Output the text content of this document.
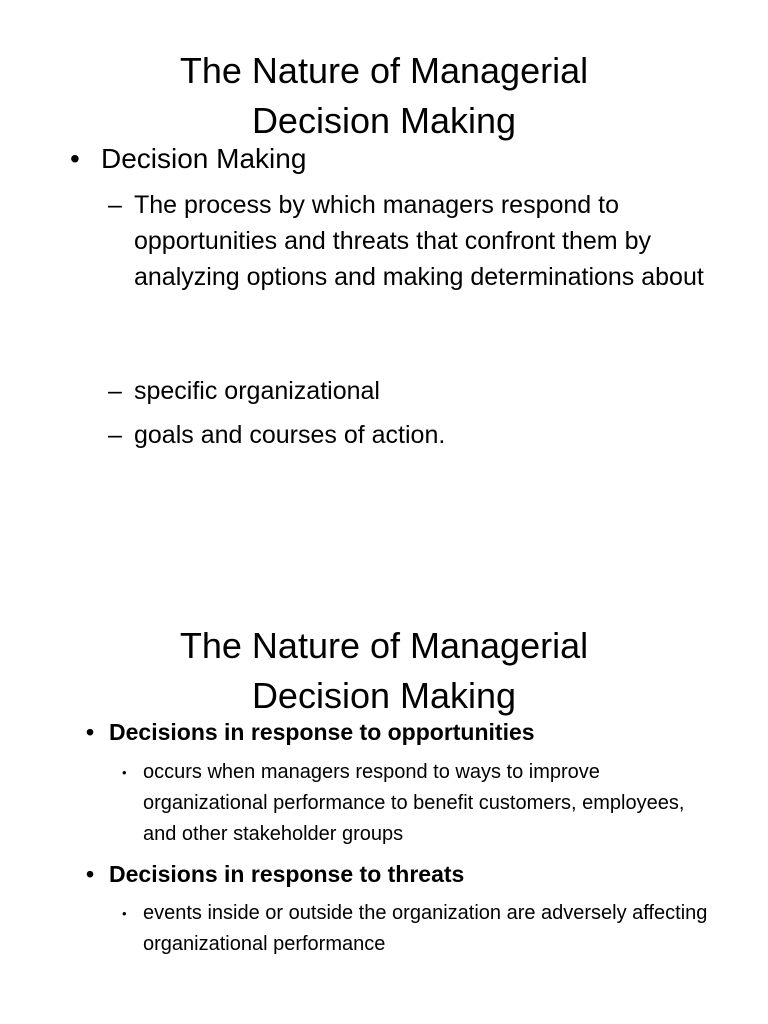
The Nature of Managerial
Decision Making
• Decision Making
– The process by which managers respond to opportunities and threats that confront them by analyzing options and making determinations about
– specific organizational
– goals and courses of action.
The Nature of Managerial
Decision Making
• Decisions in response to opportunities
• occurs when managers respond to ways to improve organizational performance to benefit customers, employees, and other stakeholder groups
• Decisions in response to threats
• events inside or outside the organization are adversely affecting organizational performance
